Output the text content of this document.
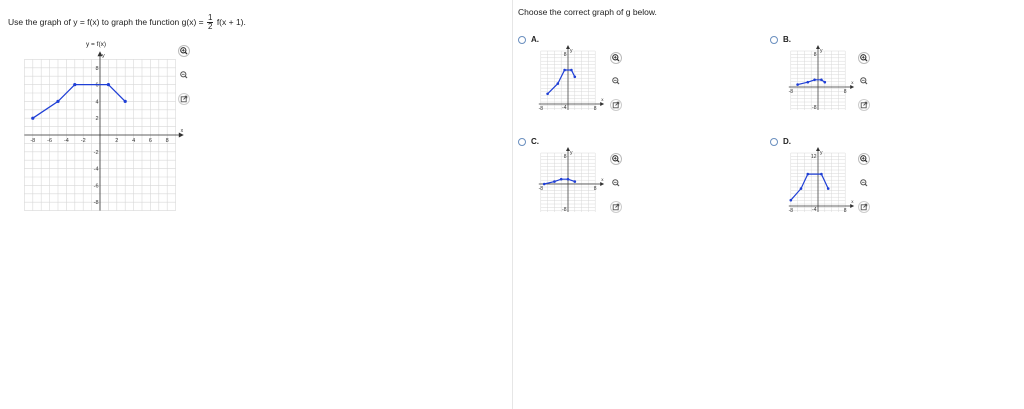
Use the graph of y = f(x) to graph the function $g(x) = \frac{1}{2} f(x + 1)$.
y = f(x)
-8 -6 -4 -2	2 4 6 8
8
6
4
2
-2
-4
-6
-8
x
y
Choose the correct graph of g below.
A.
8
-4
-8	8
x
y
B.
8
-8
-8	8
x
y
C.
8
-8
-8	8
x
y
D.
12
-4
-8	8
x
y
